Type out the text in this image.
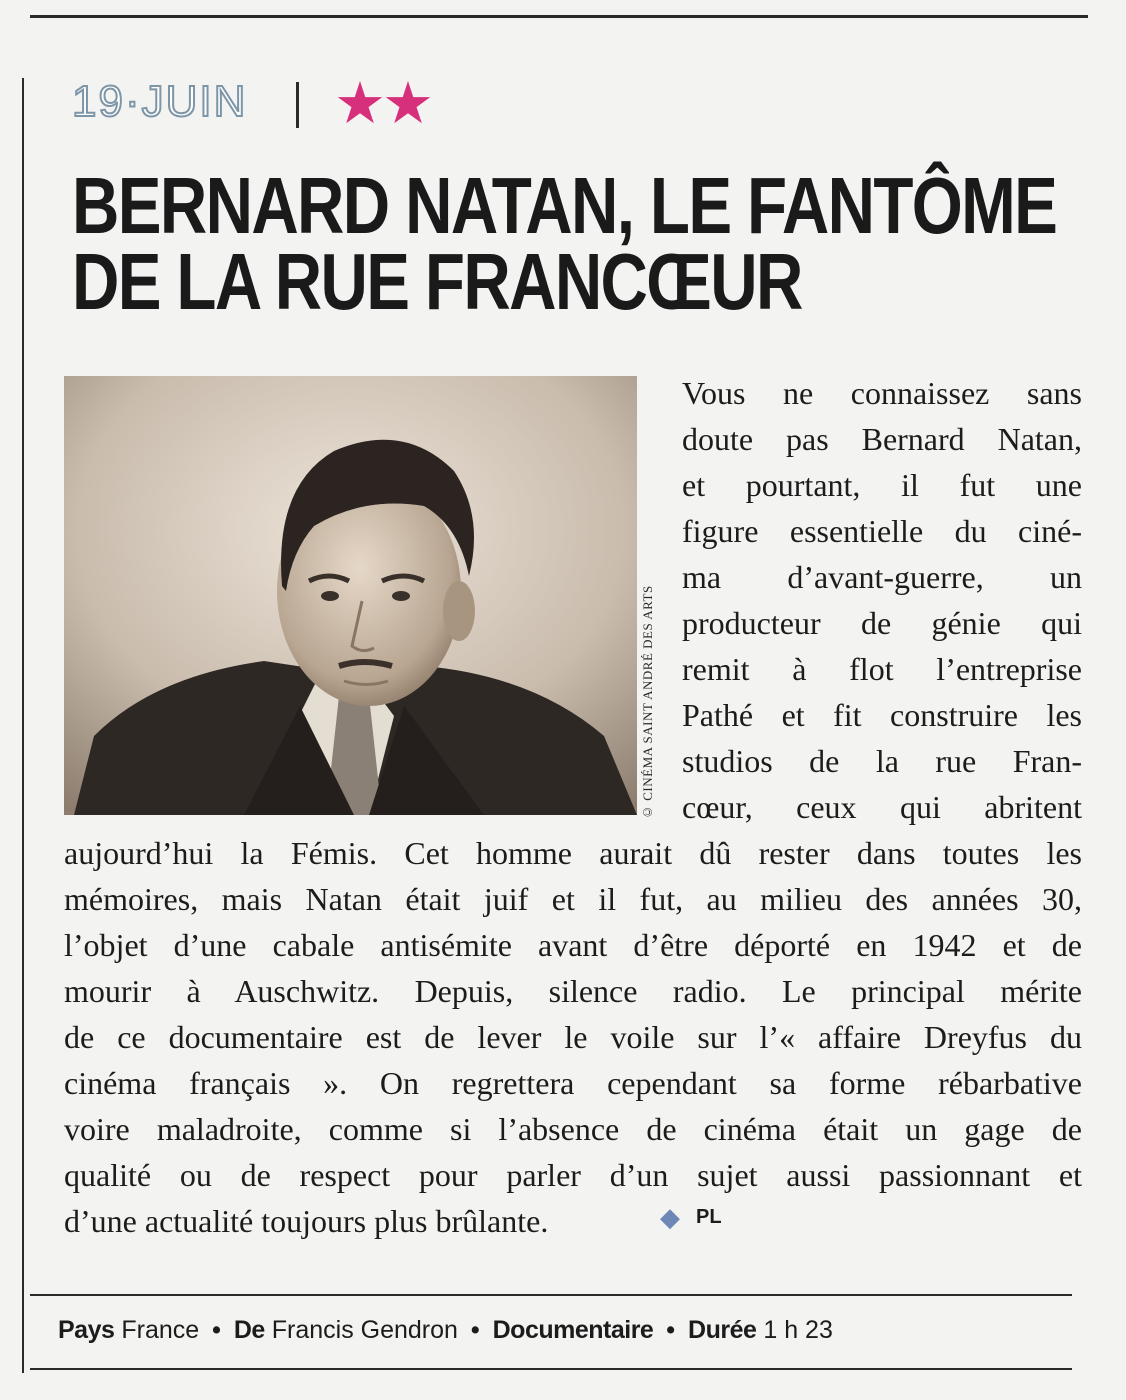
19·JUIN ★★
BERNARD NATAN, LE FANTÔME
DE LA RUE FRANCŒUR
© CINÉMA SAINT ANDRÉ DES ARTS
Vous ne connaissez sans
doute pas Bernard Natan,
et pourtant, il fut une
figure essentielle du ciné-
ma d’avant-guerre, un
producteur de génie qui
remit à flot l’entreprise
Pathé et fit construire les
studios de la rue Fran-
cœur, ceux qui abritent
aujourd’hui la Fémis. Cet homme aurait dû rester dans toutes les
mémoires, mais Natan était juif et il fut, au milieu des années 30,
l’objet d’une cabale antisémite avant d’être déporté en 1942 et de
mourir à Auschwitz. Depuis, silence radio. Le principal mérite
de ce documentaire est de lever le voile sur l’« affaire Dreyfus du
cinéma français ». On regrettera cependant sa forme rébarbative
voire maladroite, comme si l’absence de cinéma était un gage de
qualité ou de respect pour parler d’un sujet aussi passionnant et
d’une actualité toujours plus brûlante.	◆ PL
Pays France • De Francis Gendron • Documentaire • Durée 1 h 23
